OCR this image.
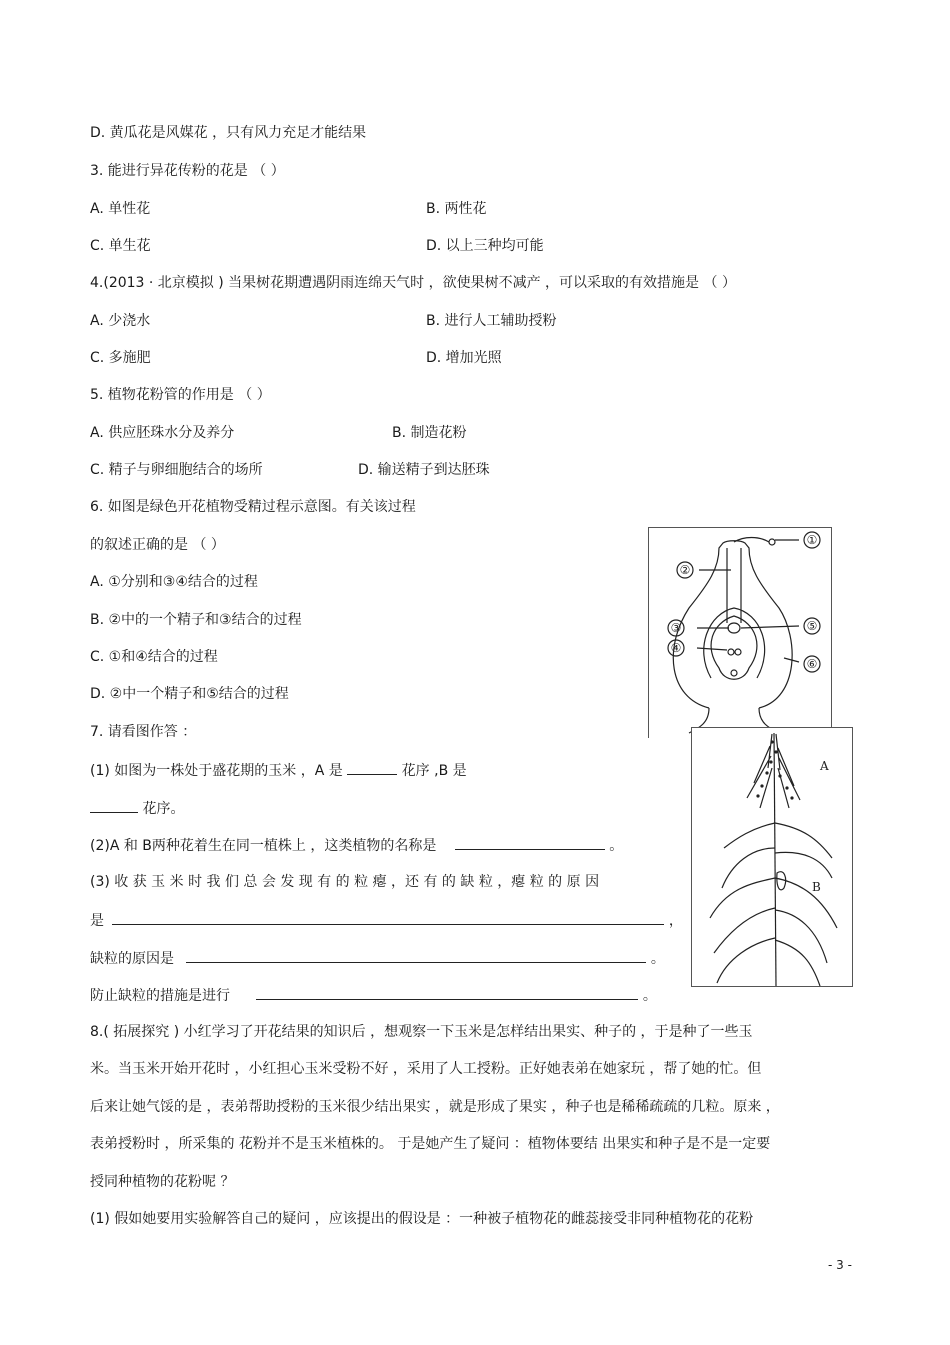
D. 黄瓜花是风媒花 ，只有风力充足才能结果
3. 能进行异花传粉的花是 （ ）
A. 单性花	B. 两性花
C. 单生花	D. 以上三种均可能
4.(2013 · 北京模拟 ) 当果树花期遭遇阴雨连绵天气时 ，欲使果树不减产 ，可以采取的有效措施是 （ ）
A. 少浇水	B. 进行人工辅助授粉
C. 多施肥	D. 增加光照
5. 植物花粉管的作用是 （ ）
A. 供应胚珠水分及养分	B. 制造花粉
C. 精子与卵细胞结合的场所	D. 输送精子到达胚珠
6. 如图是绿色开花植物受精过程示意图。有关该过程
的叙述正确的是 （ ）
A. ①分别和③④结合的过程
B. ②中的一个精子和③结合的过程
C. ①和④结合的过程
D. ②中一个精子和⑤结合的过程
①
②
③
④
⑤
⑥
7. 请看图作答 ：
(1) 如图为一株处于盛花期的玉米 ，A 是	花序 ,B 是
花序。
(2)A 和 B两种花着生在同一植株上 ，这类植物的名称是	。
(3) 收 获 玉 米 时 我 们 总 会 发 现 有 的 粒 瘪 ，还 有 的 缺 粒 ，瘪 粒 的 原 因
是	，
缺粒的原因是	。
防止缺粒的措施是进行	。
A
B
8.( 拓展探究 ) 小红学习了开花结果的知识后 ，想观察一下玉米是怎样结出果实、种子的 ，于是种了一些玉
米。当玉米开始开花时 ，小红担心玉米受粉不好 ，采用了人工授粉。正好她表弟在她家玩 ，帮了她的忙。但
后来让她气馁的是 ，表弟帮助授粉的玉米很少结出果实 ，就是形成了果实 ，种子也是稀稀疏疏的几粒。原来 ，
表弟授粉时 ，所采集的 花粉并不是玉米植株的。 于是她产生了疑问 ：植物体要结 出果实和种子是不是一定要
授同种植物的花粉呢 ？
(1) 假如她要用实验解答自己的疑问 ，应该提出的假设是 ：一种被子植物花的雌蕊接受非同种植物花的花粉
- 3 -
